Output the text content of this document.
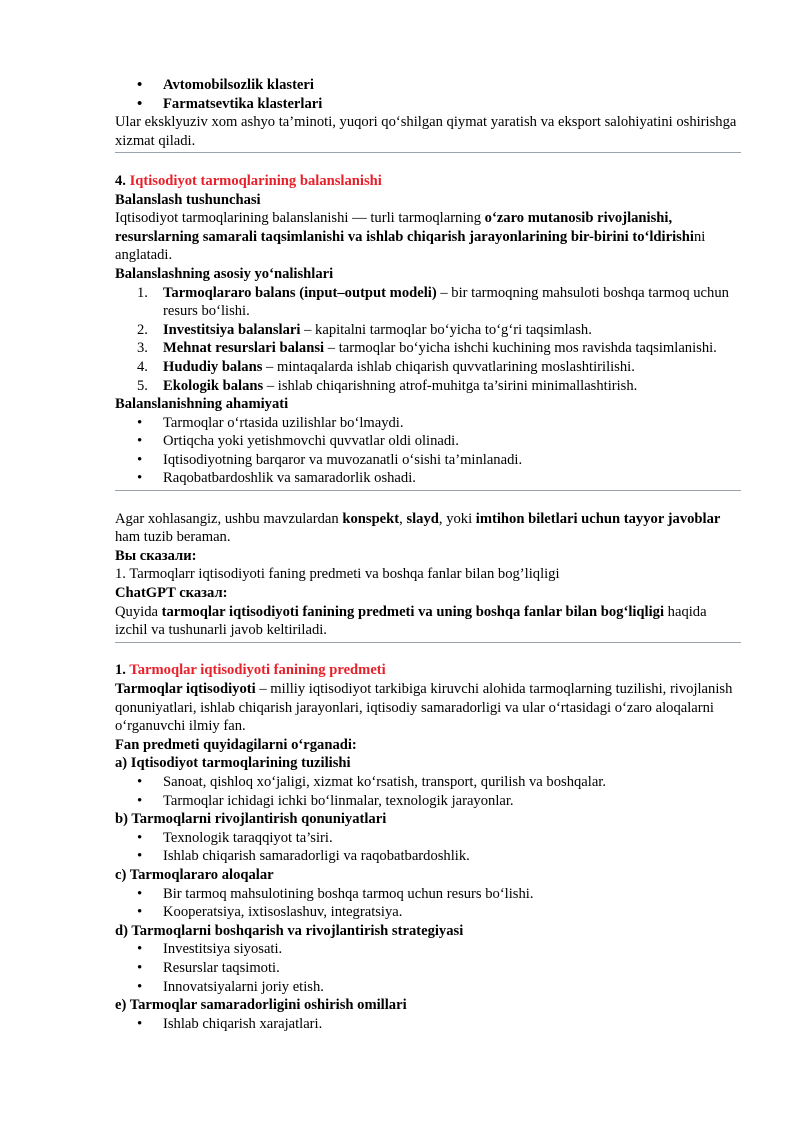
• Avtomobilsozlik klasteri
• Farmatsevtika klasterlari

Ular eksklyuziv xom ashyo ta’minoti, yuqori qo‘shilgan qiymat yaratish va eksport salohiyatini oshirishga xizmat qiladi.

4. Iqtisodiyot tarmoqlarining balanslanishi

Balanslash tushunchasi

Iqtisodiyot tarmoqlarining balanslanishi — turli tarmoqlarning o‘zaro mutanosib rivojlanishi, resurslarning samarali taqsimlanishi va ishlab chiqarish jarayonlarining bir-birini to‘ldirishini anglatadi.

Balanslashning asosiy yo‘nalishlari

1. Tarmoqlararo balans (input–output modeli) – bir tarmoqning mahsuloti boshqa tarmoq uchun resurs bo‘lishi.
2. Investitsiya balanslari – kapitalni tarmoqlar bo‘yicha to‘g‘ri taqsimlash.
3. Mehnat resurslari balansi – tarmoqlar bo‘yicha ishchi kuchining mos ravishda taqsimlanishi.
4. Hududiy balans – mintaqalarda ishlab chiqarish quvvatlarining moslashtirilishi.
5. Ekologik balans – ishlab chiqarishning atrof-muhitga ta’sirini minimallashtirish.

Balanslanishning ahamiyati

• Tarmoqlar o‘rtasida uzilishlar bo‘lmaydi.
• Ortiqcha yoki yetishmovchi quvvatlar oldi olinadi.
• Iqtisodiyotning barqaror va muvozanatli o‘sishi ta’minlanadi.
• Raqobatbardoshlik va samaradorlik oshadi.

Agar xohlasangiz, ushbu mavzulardan konspekt, slayd, yoki imtihon biletlari uchun tayyor javoblar ham tuzib beraman.

Вы сказали:

1. Tarmoqlarr iqtisodiyoti faning predmeti va boshqa fanlar bilan bog’liqligi

ChatGPT сказал:

Quyida tarmoqlar iqtisodiyoti fanining predmeti va uning boshqa fanlar bilan bog‘liqligi haqida izchil va tushunarli javob keltiriladi.

1. Tarmoqlar iqtisodiyoti fanining predmeti

Tarmoqlar iqtisodiyoti – milliy iqtisodiyot tarkibiga kiruvchi alohida tarmoqlarning tuzilishi, rivojlanish qonuniyatlari, ishlab chiqarish jarayonlari, iqtisodiy samaradorligi va ular o‘rtasidagi o‘zaro aloqalarni o‘rganuvchi ilmiy fan.

Fan predmeti quyidagilarni o‘rganadi:

a) Iqtisodiyot tarmoqlarining tuzilishi

• Sanoat, qishloq xo‘jaligi, xizmat ko‘rsatish, transport, qurilish va boshqalar.
• Tarmoqlar ichidagi ichki bo‘linmalar, texnologik jarayonlar.

b) Tarmoqlarni rivojlantirish qonuniyatlari

• Texnologik taraqqiyot ta’siri.
• Ishlab chiqarish samaradorligi va raqobatbardoshlik.

c) Tarmoqlararo aloqalar

• Bir tarmoq mahsulotining boshqa tarmoq uchun resurs bo‘lishi.
• Kooperatsiya, ixtisoslashuv, integratsiya.

d) Tarmoqlarni boshqarish va rivojlantirish strategiyasi

• Investitsiya siyosati.
• Resurslar taqsimoti.
• Innovatsiyalarni joriy etish.

e) Tarmoqlar samaradorligini oshirish omillari

• Ishlab chiqarish xarajatlari.
